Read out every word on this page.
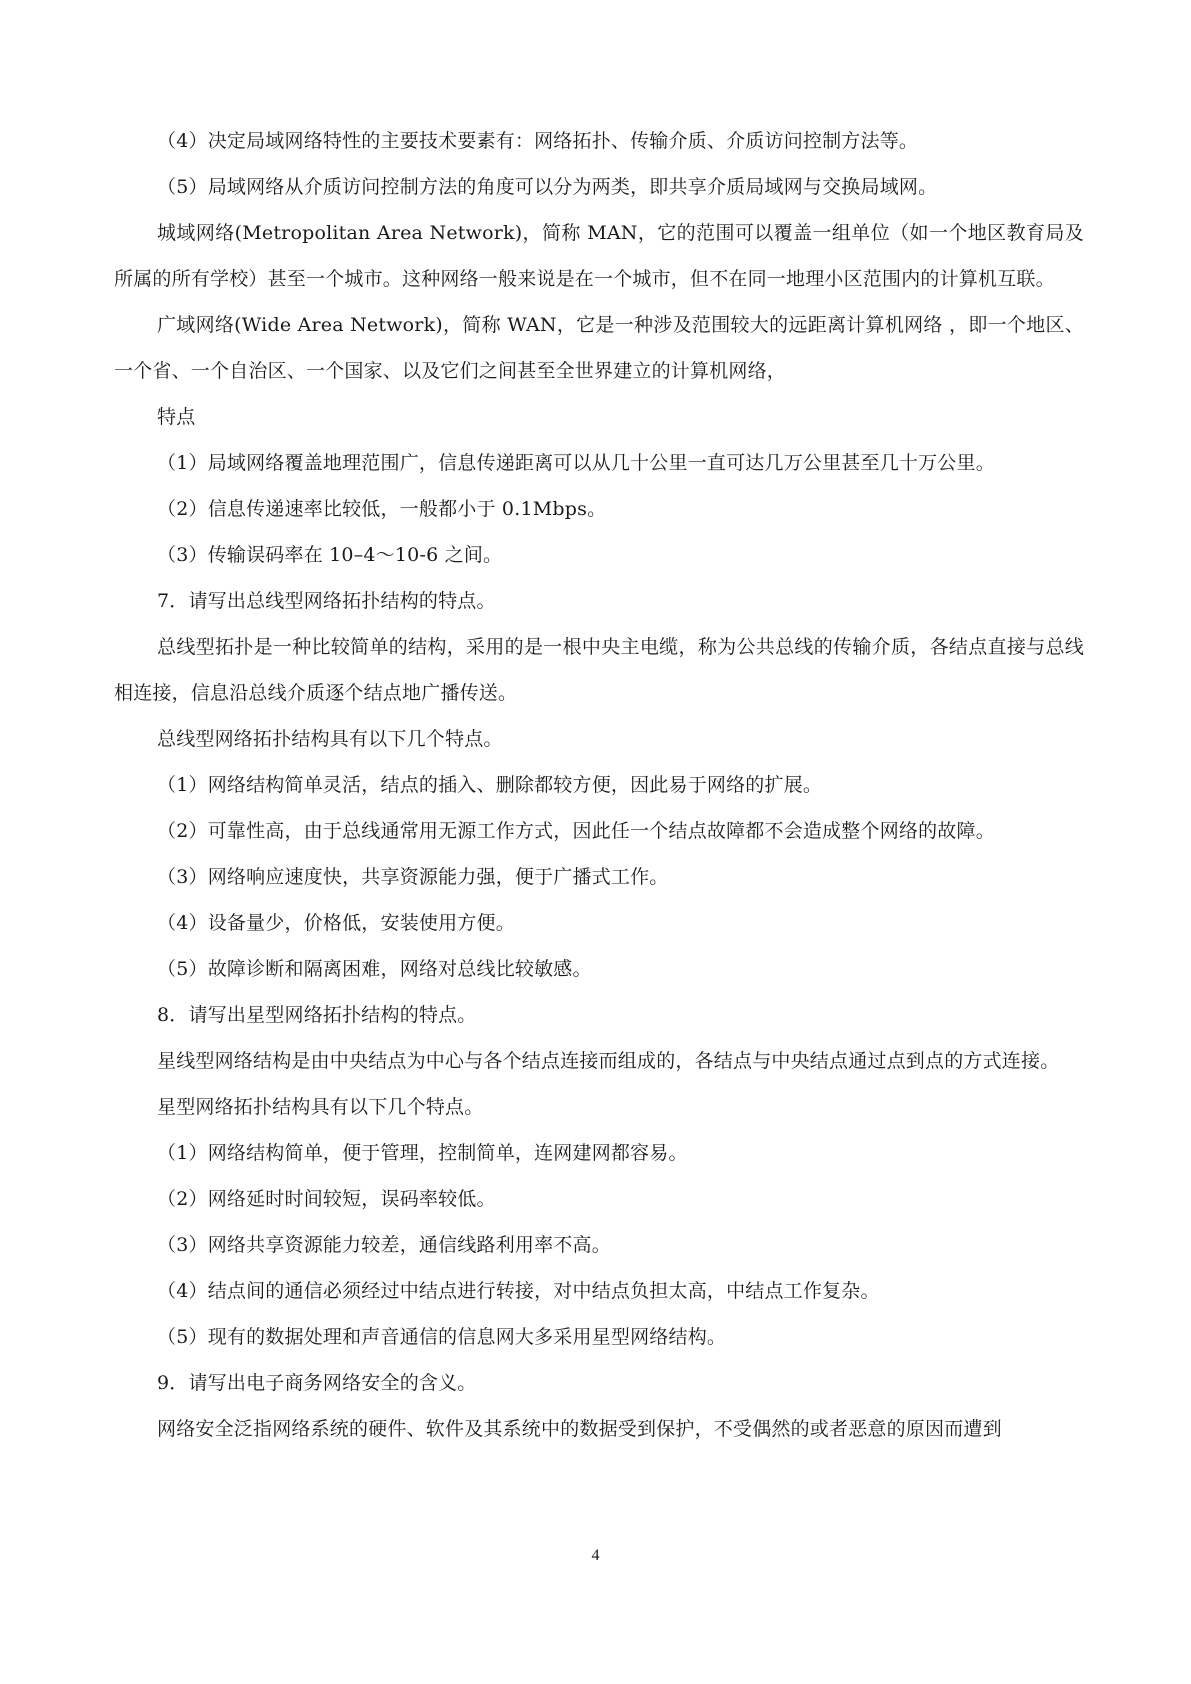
（4）决定局域网络特性的主要技术要素有：网络拓扑、传输介质、介质访问控制方法等。

（5）局域网络从介质访问控制方法的角度可以分为两类，即共享介质局域网与交换局域网。

城域网络(Metropolitan Area Network)，简称 MAN，它的范围可以覆盖一组单位（如一个地区教育局及所属的所有学校）甚至一个城市。这种网络一般来说是在一个城市，但不在同一地理小区范围内的计算机互联。

广域网络(Wide Area Network)，简称 WAN，它是一种涉及范围较大的远距离计算机网络 ，即一个地区、一个省、一个自治区、一个国家、以及它们之间甚至全世界建立的计算机网络，

特点

（1）局域网络覆盖地理范围广，信息传递距离可以从几十公里一直可达几万公里甚至几十万公里。

（2）信息传递速率比较低，一般都小于 0.1Mbps。

（3）传输误码率在 10–4～10-6 之间。

7．请写出总线型网络拓扑结构的特点。

总线型拓扑是一种比较简单的结构，采用的是一根中央主电缆，称为公共总线的传输介质，各结点直接与总线相连接，信息沿总线介质逐个结点地广播传送。

总线型网络拓扑结构具有以下几个特点。

（1）网络结构简单灵活，结点的插入、删除都较方便，因此易于网络的扩展。

（2）可靠性高，由于总线通常用无源工作方式，因此任一个结点故障都不会造成整个网络的故障。

（3）网络响应速度快，共享资源能力强，便于广播式工作。

（4）设备量少，价格低，安装使用方便。

（5）故障诊断和隔离困难，网络对总线比较敏感。

8．请写出星型网络拓扑结构的特点。

星线型网络结构是由中央结点为中心与各个结点连接而组成的，各结点与中央结点通过点到点的方式连接。

星型网络拓扑结构具有以下几个特点。

（1）网络结构简单，便于管理，控制简单，连网建网都容易。

（2）网络延时时间较短，误码率较低。

（3）网络共享资源能力较差，通信线路利用率不高。

（4）结点间的通信必须经过中结点进行转接，对中结点负担太高，中结点工作复杂。

（5）现有的数据处理和声音通信的信息网大多采用星型网络结构。

9．请写出电子商务网络安全的含义。

网络安全泛指网络系统的硬件、软件及其系统中的数据受到保护，不受偶然的或者恶意的原因而遭到

4
